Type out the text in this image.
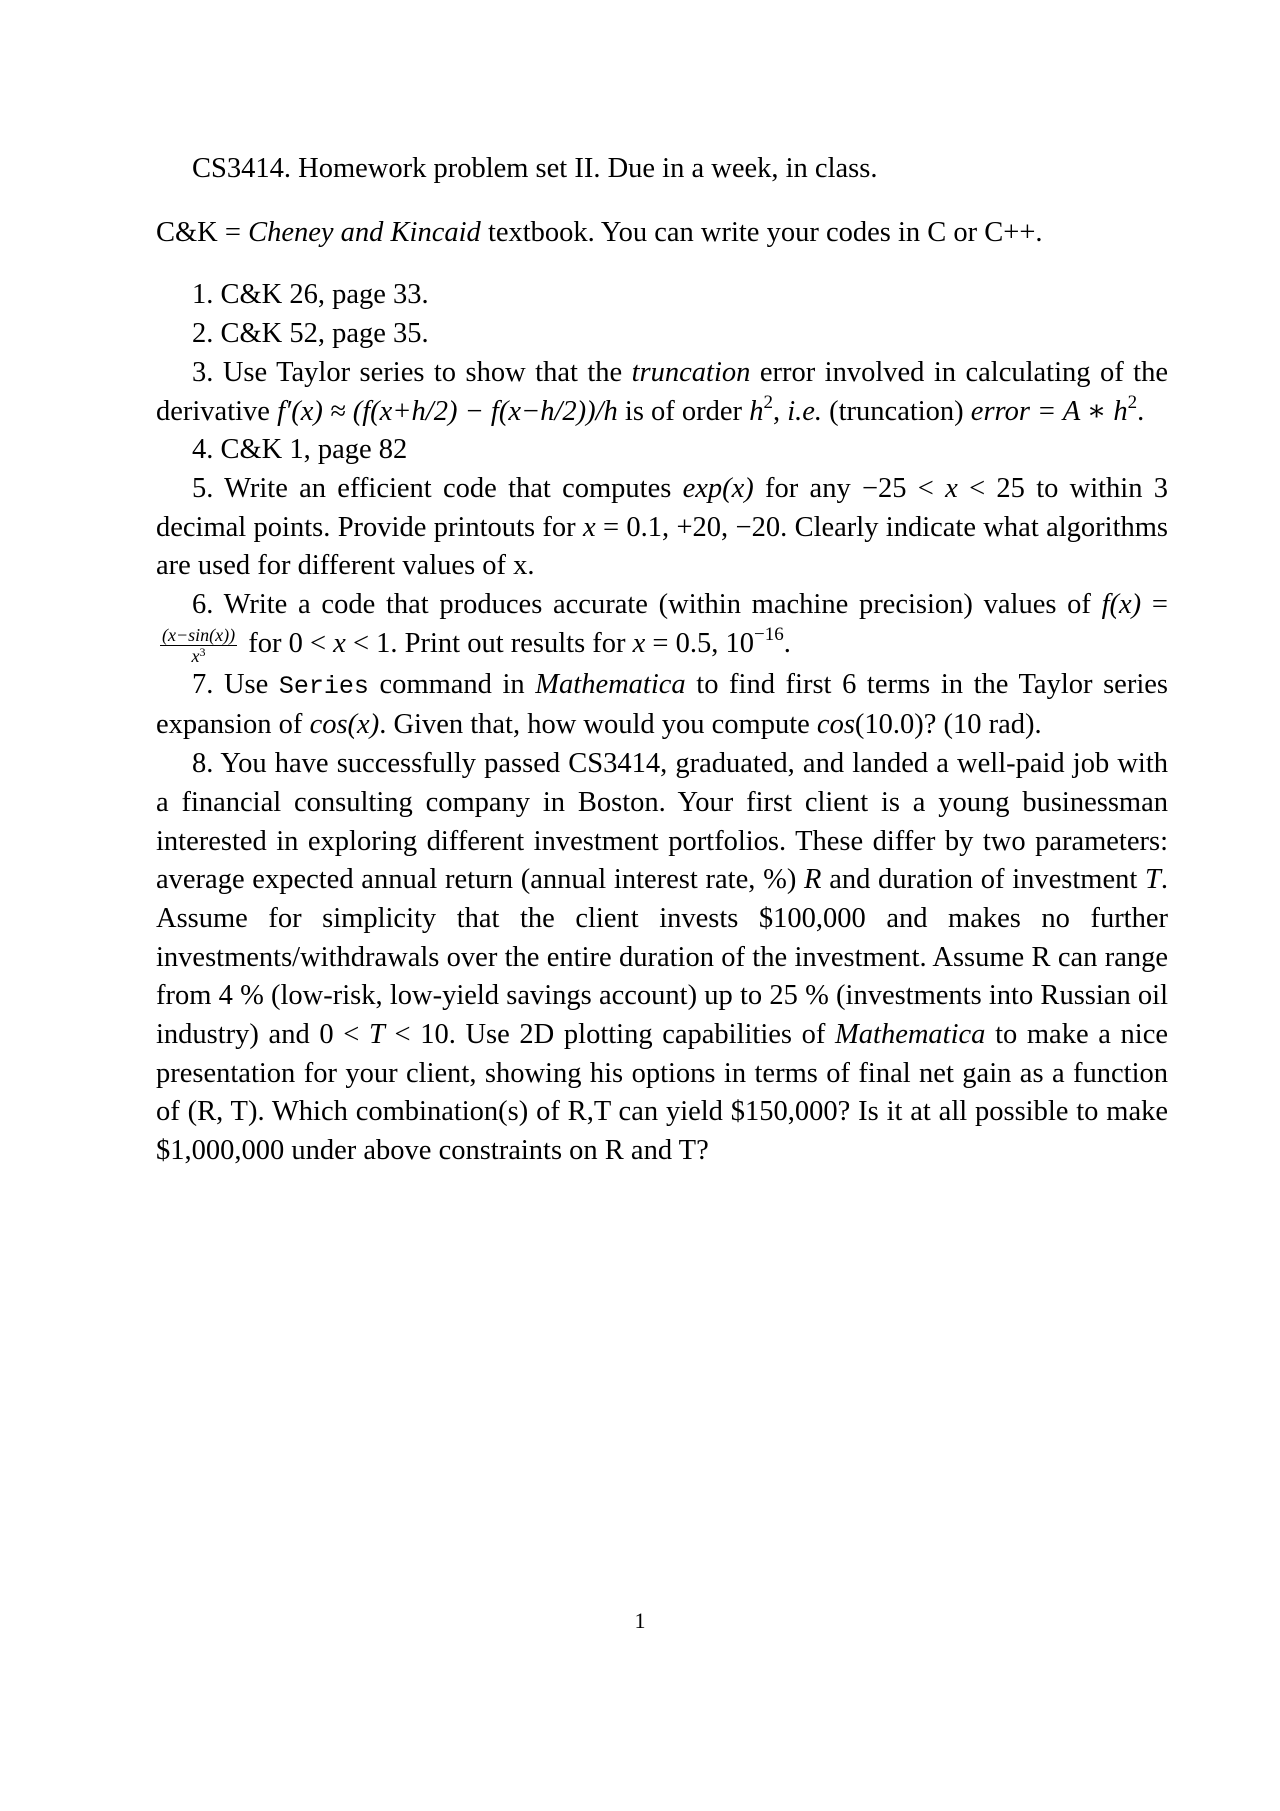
CS3414. Homework problem set II. Due in a week, in class.

C&K = Cheney and Kincaid textbook. You can write your codes in C or C++.

1. C&K 26, page 33.

2. C&K 52, page 35.

3. Use Taylor series to show that the truncation error involved in calculating of the derivative f′(x) ≈ (f(x+h/2) − f(x−h/2))/h is of order $h^2$, i.e. (truncation) error = A ∗ $h^2$.

4. C&K 1, page 82

5. Write an efficient code that computes exp(x) for any −25 < x < 25 to within 3 decimal points. Provide printouts for x = 0.1, +20, −20. Clearly indicate what algorithms are used for different values of x.

6. Write a code that produces accurate (within machine precision) values of f(x) =
$\frac{(x-\sin(x))}{x^3}$ for 0 < x < 1. Print out results for x = 0.5, $10^{-16}$.

7. Use Series command in Mathematica to find first 6 terms in the Taylor series expansion of cos(x). Given that, how would you compute cos(10.0)? (10 rad).

8. You have successfully passed CS3414, graduated, and landed a well-paid job with a financial consulting company in Boston. Your first client is a young businessman interested in exploring different investment portfolios. These differ by two parameters: average expected annual return (annual interest rate, %) R and duration of investment T. Assume for simplicity that the client invests $100,000 and makes no further investments/withdrawals over the entire duration of the investment. Assume R can range from 4 % (low-risk, low-yield savings account) up to 25 % (investments into Russian oil industry) and 0 < T < 10. Use 2D plotting capabilities of Mathematica to make a nice presentation for your client, showing his options in terms of final net gain as a function of (R, T). Which combination(s) of R,T can yield $150,000? Is it at all possible to make $1,000,000 under above constraints on R and T?

1
